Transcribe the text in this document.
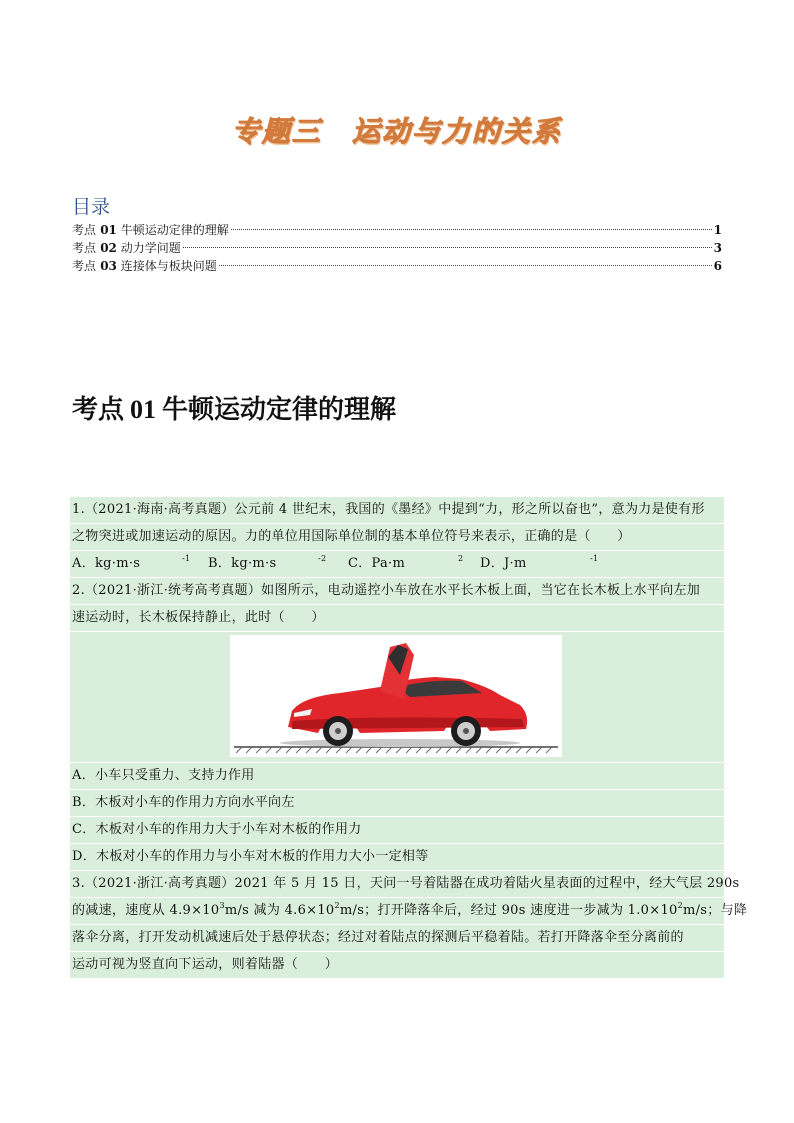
专题三 运动与力的关系
目录
考点 01 牛顿运动定律的理解	1
考点 02 动力学问题	3
考点 03 连接体与板块问题	6
考点 01 牛顿运动定律的理解
1.（2021·海南·高考真题）公元前 4 世纪末，我国的《墨经》中提到“力，形之所以奋也”，意为力是使有形
之物突进或加速运动的原因。力的单位用国际单位制的基本单位符号来表示，正确的是（　　）
A．kg·m·s	$^{-1}$ B．kg·m·s	$^{-2}$ C．Pa·m	$^2$ D．J·m	$^{-1}$
2.（2021·浙江·统考高考真题）如图所示，电动遥控小车放在水平长木板上面，当它在长木板上水平向左加
速运动时，长木板保持静止，此时（　　）
A．小车只受重力、支持力作用
B．木板对小车的作用力方向水平向左
C．木板对小车的作用力大于小车对木板的作用力
D．木板对小车的作用力与小车对木板的作用力大小一定相等
3.（2021·浙江·高考真题）2021 年 5 月 15 日，天问一号着陆器在成功着陆火星表面的过程中，经大气层 290s
的减速，速度从 $4.9\times 10^3m/s$ 减为 $4.6\times 10^2m/s$；打开降落伞后，经过 90s 速度进一步减为 $1.0\times 10^2m/s$；与降
落伞分离，打开发动机减速后处于悬停状态；经过对着陆点的探测后平稳着陆。若打开降落伞至分离前的
运动可视为竖直向下运动，则着陆器（　　）
